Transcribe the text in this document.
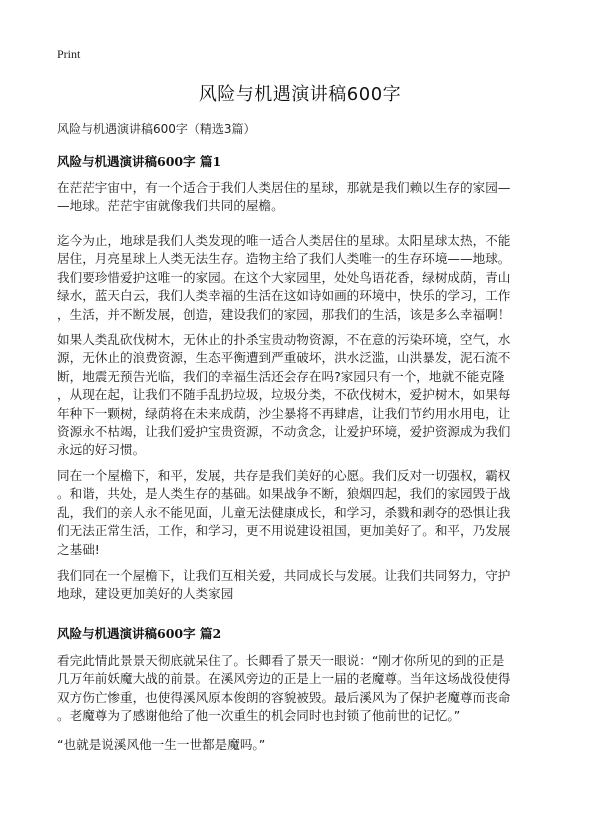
Print
风险与机遇演讲稿600字
风险与机遇演讲稿600字（精选3篇）
风险与机遇演讲稿600字 篇1
在茫茫宇宙中，有一个适合于我们人类居住的星球，那就是我们赖以生存的家园—
—地球。茫茫宇宙就像我们共同的屋檐。
迄今为止，地球是我们人类发现的唯一适合人类居住的星球。太阳星球太热，不能
居住，月亮星球上人类无法生存。造物主给了我们人类唯一的生存环境——地球。
我们要珍惜爱护这唯一的家园。在这个大家园里，处处鸟语花香，绿树成荫，青山
绿水，蓝天白云，我们人类幸福的生活在这如诗如画的环境中，快乐的学习，工作
，生活，并不断发展，创造，建设我们的家园，那我们的生活，该是多么幸福啊！
如果人类乱砍伐树木，无休止的扑杀宝贵动物资源，不在意的污染环境，空气，水
源，无休止的浪费资源，生态平衡遭到严重破坏，洪水泛滥，山洪暴发，泥石流不
断，地震无预告光临，我们的幸福生活还会存在吗?家园只有一个，地就不能克隆
，从现在起，让我们不随手乱扔垃圾，垃圾分类，不砍伐树木，爱护树木，如果每
年种下一颗树，绿荫将在未来成荫，沙尘暴将不再肆虐，让我们节约用水用电，让
资源永不枯竭，让我们爱护宝贵资源，不动贪念，让爱护环境，爱护资源成为我们
永远的好习惯。
同在一个屋檐下，和平，发展，共存是我们美好的心愿。我们反对一切强权，霸权
。和谐，共处，是人类生存的基础。如果战争不断，狼烟四起，我们的家园毁于战
乱，我们的亲人永不能见面，儿童无法健康成长，和学习，杀戮和剥夺的恐惧让我
们无法正常生活，工作，和学习，更不用说建设祖国，更加美好了。和平，乃发展
之基础!
我们同在一个屋檐下，让我们互相关爱，共同成长与发展。让我们共同努力，守护
地球，建设更加美好的人类家园
风险与机遇演讲稿600字 篇2
看完此情此景景天彻底就呆住了。长卿看了景天一眼说：“刚才你所见的到的正是
几万年前妖魔大战的前景。在溪风旁边的正是上一届的老魔尊。当年这场战役使得
双方伤亡惨重，也使得溪风原本俊朗的容貌被毁。最后溪风为了保护老魔尊而丧命
。老魔尊为了感谢他给了他一次重生的机会同时也封锁了他前世的记忆。”
“也就是说溪风他一生一世都是魔吗。”
